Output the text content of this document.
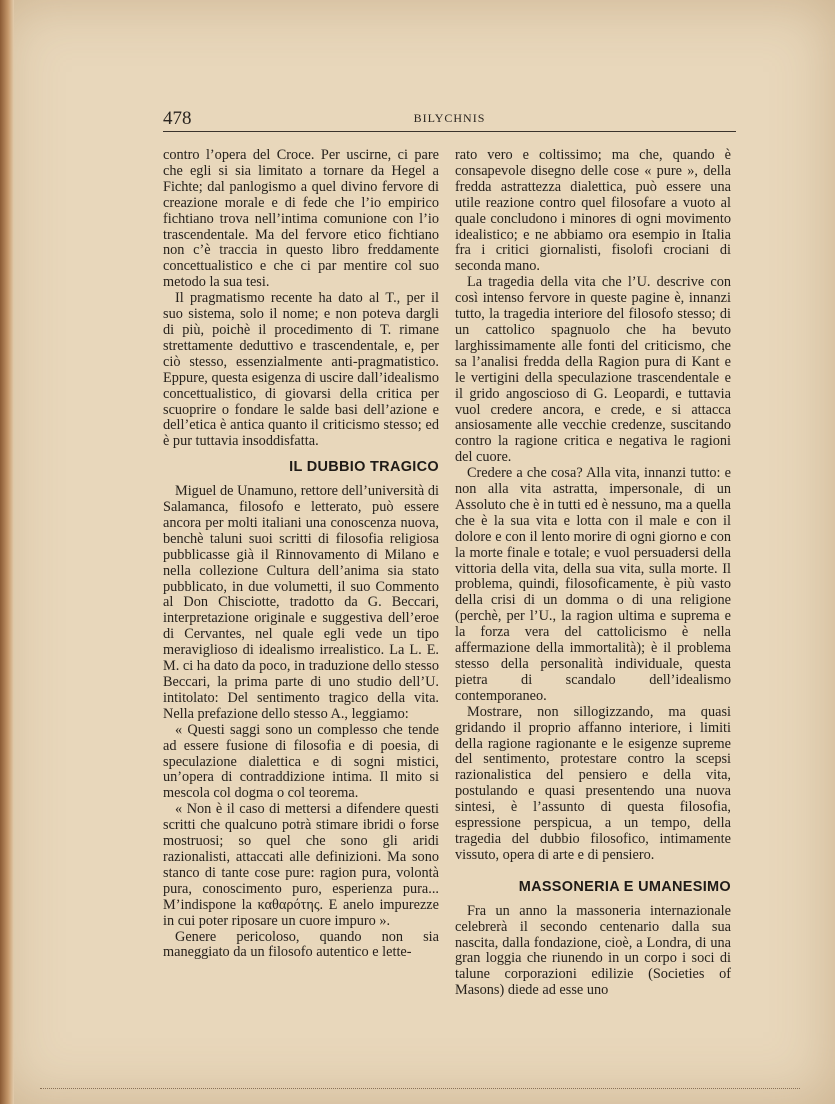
478	BILYCHNIS

contro l’opera del Croce. Per uscirne, ci pare che egli si sia limitato a tornare da Hegel a Fichte; dal panlogismo a quel divino fervore di creazione morale e di fede che l’io empirico fichtiano trova nell’intima comunione con l’io trascendentale. Ma del fervore etico fichtiano non c’è traccia in questo libro freddamente concettualistico e che ci par mentire col suo metodo la sua tesi.

Il pragmatismo recente ha dato al T., per il suo sistema, solo il nome; e non poteva dargli di più, poichè il procedimento di T. rimane strettamente deduttivo e trascendentale, e, per ciò stesso, essenzialmente anti-pragmatistico. Eppure, questa esigenza di uscire dall’idealismo concettualistico, di giovarsi della critica per scuoprire o fondare le salde basi dell’azione e dell’etica è antica quanto il criticismo stesso; ed è pur tuttavia insoddisfatta.

IL DUBBIO TRAGICO

Miguel de Unamuno, rettore dell’università di Salamanca, filosofo e letterato, può essere ancora per molti italiani una conoscenza nuova, benchè taluni suoi scritti di filosofia religiosa pubblicasse già il Rinnovamento di Milano e nella collezione Cultura dell’anima sia stato pubblicato, in due volumetti, il suo Commento al Don Chisciotte, tradotto da G. Beccari, interpretazione originale e suggestiva dell’eroe di Cervantes, nel quale egli vede un tipo meraviglioso di idealismo irrealistico. La L. E. M. ci ha dato da poco, in traduzione dello stesso Beccari, la prima parte di uno studio dell’U. intitolato: Del sentimento tragico della vita. Nella prefazione dello stesso A., leggiamo:

« Questi saggi sono un complesso che tende ad essere fusione di filosofia e di poesia, di speculazione dialettica e di sogni mistici, un’opera di contraddizione intima. Il mito si mescola col dogma o col teorema.

« Non è il caso di mettersi a difendere questi scritti che qualcuno potrà stimare ibridi o forse mostruosi; so quel che sono gli aridi razionalisti, attaccati alle definizioni. Ma sono stanco di tante cose pure: ragion pura, volontà pura, conoscimento puro, esperienza pura... M’indispone la καθαρότης. E anelo impurezze in cui poter riposare un cuore impuro ».

Genere pericoloso, quando non sia maneggiato da un filosofo autentico e lette-

rato vero e coltissimo; ma che, quando è consapevole disegno delle cose « pure », della fredda astrattezza dialettica, può essere una utile reazione contro quel filosofare a vuoto al quale concludono i minores di ogni movimento idealistico; e ne abbiamo ora esempio in Italia fra i critici giornalisti, fisolofi crociani di seconda mano.

La tragedia della vita che l’U. descrive con così intenso fervore in queste pagine è, innanzi tutto, la tragedia interiore del filosofo stesso; di un cattolico spagnuolo che ha bevuto larghissimamente alle fonti del criticismo, che sa l’analisi fredda della Ragion pura di Kant e le vertigini della speculazione trascendentale e il grido angoscioso di G. Leopardi, e tuttavia vuol credere ancora, e crede, e si attacca ansiosamente alle vecchie credenze, suscitando contro la ragione critica e negativa le ragioni del cuore.

Credere a che cosa? Alla vita, innanzi tutto: e non alla vita astratta, impersonale, di un Assoluto che è in tutti ed è nessuno, ma a quella che è la sua vita e lotta con il male e con il dolore e con il lento morire di ogni giorno e con la morte finale e totale; e vuol persuadersi della vittoria della vita, della sua vita, sulla morte. Il problema, quindi, filosoficamente, è più vasto della crisi di un domma o di una religione (perchè, per l’U., la ragion ultima e suprema e la forza vera del cattolicismo è nella affermazione della immortalità); è il problema stesso della personalità individuale, questa pietra di scandalo dell’idealismo contemporaneo.

Mostrare, non sillogizzando, ma quasi gridando il proprio affanno interiore, i limiti della ragione ragionante e le esigenze supreme del sentimento, protestare contro la scepsi razionalistica del pensiero e della vita, postulando e quasi presentendo una nuova sintesi, è l’assunto di questa filosofia, espressione perspicua, a un tempo, della tragedia del dubbio filosofico, intimamente vissuto, opera di arte e di pensiero.

MASSONERIA E UMANESIMO

Fra un anno la massoneria internazionale celebrerà il secondo centenario dalla sua nascita, dalla fondazione, cioè, a Londra, di una gran loggia che riunendo in un corpo i soci di talune corporazioni edilizie (Societies of Masons) diede ad esse uno
